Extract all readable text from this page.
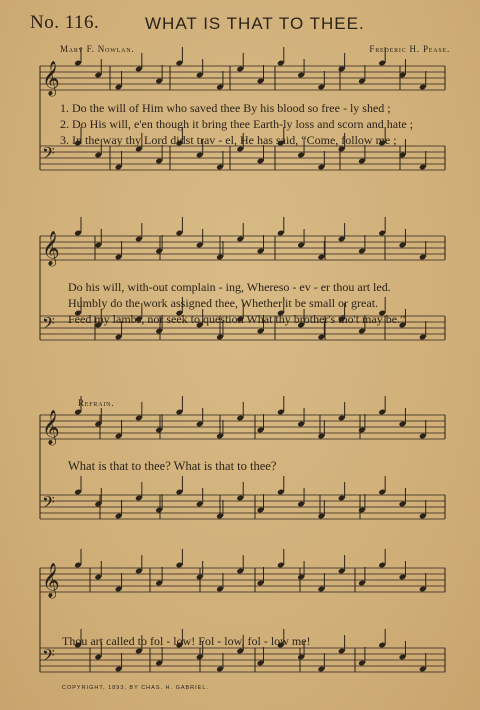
No. 116.	WHAT IS THAT TO THEE.
Mary F. Nowlan.	Frederic H. Pease.
𝄞
𝄢
𝄞
𝄢
𝄞
𝄢
𝄞
𝄢
1. Do the will of Him who saved thee By his blood so free - ly shed ;
2. Do His will, e'en though it bring thee Earth-ly loss and scorn and hate ;
3. In the way thy Lord didst trav - el, He has said, “Come, follow me ;
Do his will, with-out complain - ing, Whereso - ev - er thou art led.
Humbly do the work assigned thee, Whether it be small or great.
Feed my lambs, nor seek to question What thy brother's tho't may be.”
Refrain.
What is that to thee? What is that to thee?
Thou art called to fol - low! Fol - low, fol - low me!
COPYRIGHT, 1893, BY CHAS. H. GABRIEL.
